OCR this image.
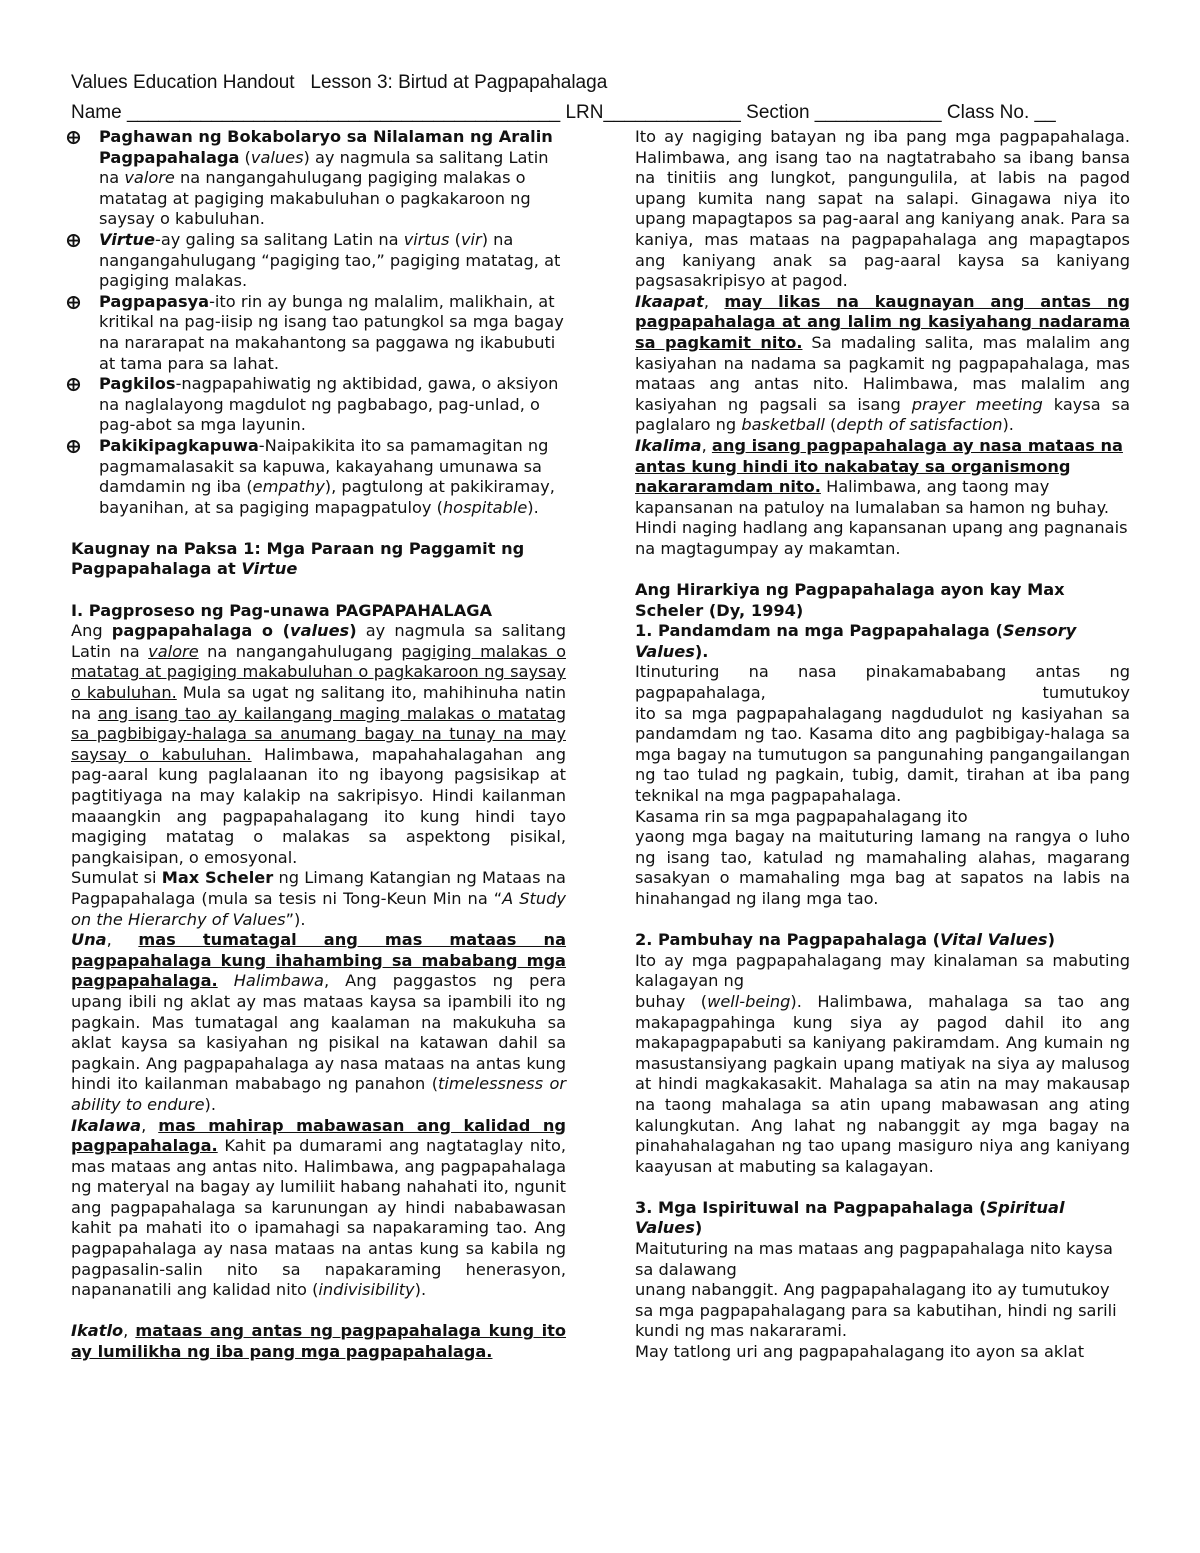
Values Education Handout   Lesson 3: Birtud at Pagpapahalaga
Name _________________________________________ LRN_____________ Section ____________ Class No. __
Paghawan ng Bokabolaryo sa Nilalaman ng Aralin Pagpapahalaga (values) ay nagmula sa salitang Latin na valore na nangangahulugang pagiging malakas o matatag at pagiging makabuluhan o pagkakaroon ng saysay o kabuluhan.
Virtue-ay galing sa salitang Latin na virtus (vir) na nangangahulugang “pagiging tao,” pagiging matatag, at pagiging malakas.
Pagpapasya-ito rin ay bunga ng malalim, malikhain, at kritikal na pag-iisip ng isang tao patungkol sa mga bagay na nararapat na makahantong sa paggawa ng ikabubuti at tama para sa lahat.
Pagkilos-nagpapahiwatig ng aktibidad, gawa, o aksiyon na naglalayong magdulot ng pagbabago, pag-unlad, o pag-abot sa mga layunin.
Pakikipagkapuwa-Naipakikita ito sa pamamagitan ng pagmamalasakit sa kapuwa, kakayahang umunawa sa damdamin ng iba (empathy), pagtulong at pakikiramay, bayanihan, at sa pagiging mapagpatuloy (hospitable).

Kaugnay na Paksa 1: Mga Paraan ng Paggamit ng Pagpapahalaga at Virtue

I. Pagproseso ng Pag-unawa PAGPAPAHALAGA

Ang pagpapahalaga o (values) ay nagmula sa salitang Latin na valore na nangangahulugang pagiging malakas o matatag at pagiging makabuluhan o pagkakaroon ng saysay o kabuluhan. Mula sa ugat ng salitang ito, mahihinuha natin na ang isang tao ay kailangang maging malakas o matatag sa pagbibigay-halaga sa anumang bagay na tunay na may saysay o kabuluhan. Halimbawa, mapahahalagahan ang pag-aaral kung paglalaanan ito ng ibayong pagsisikap at pagtitiyaga na may kalakip na sakripisyo. Hindi kailanman maaangkin ang pagpapahalagang ito kung hindi tayo magiging matatag o malakas sa aspektong pisikal, pangkaisipan, o emosyonal.

Sumulat si Max Scheler ng Limang Katangian ng Mataas na Pagpapahalaga (mula sa tesis ni Tong-Keun Min na “A Study on the Hierarchy of Values”).

Una, mas tumatagal ang mas mataas na pagpapahalaga kung ihahambing sa mababang mga pagpapahalaga. Halimbawa, Ang paggastos ng pera upang ibili ng aklat ay mas mataas kaysa sa ipambili ito ng pagkain. Mas tumatagal ang kaalaman na makukuha sa aklat kaysa sa kasiyahan ng pisikal na katawan dahil sa pagkain. Ang pagpapahalaga ay nasa mataas na antas kung hindi ito kailanman mababago ng panahon (timelessness or ability to endure).

Ikalawa, mas mahirap mabawasan ang kalidad ng pagpapahalaga. Kahit pa dumarami ang nagtataglay nito, mas mataas ang antas nito. Halimbawa, ang pagpapahalaga ng materyal na bagay ay lumiliit habang nahahati ito, ngunit ang pagpapahalaga sa karunungan ay hindi nababawasan kahit pa mahati ito o ipamahagi sa napakaraming tao. Ang pagpapahalaga ay nasa mataas na antas kung sa kabila ng pagpasalin-salin nito sa napakaraming henerasyon, napananatili ang kalidad nito (indivisibility).

Ikatlo, mataas ang antas ng pagpapahalaga kung ito ay lumilikha ng iba pang mga pagpapahalaga.

Ito ay nagiging batayan ng iba pang mga pagpapahalaga. Halimbawa, ang isang tao na nagtatrabaho sa ibang bansa na tinitiis ang lungkot, pangungulila, at labis na pagod upang kumita nang sapat na salapi. Ginagawa niya ito upang mapagtapos sa pag-aaral ang kaniyang anak. Para sa kaniya, mas mataas na pagpapahalaga ang mapagtapos ang kaniyang anak sa pag-aaral kaysa sa kaniyang pagsasakripisyo at pagod.

Ikaapat, may likas na kaugnayan ang antas ng pagpapahalaga at ang lalim ng kasiyahang nadarama sa pagkamit nito. Sa madaling salita, mas malalim ang kasiyahan na nadama sa pagkamit ng pagpapahalaga, mas mataas ang antas nito. Halimbawa, mas malalim ang kasiyahan ng pagsali sa isang prayer meeting kaysa sa paglalaro ng basketball (depth of satisfaction).

Ikalima, ang isang pagpapahalaga ay nasa mataas na antas kung hindi ito nakabatay sa organismong nakararamdam nito. Halimbawa, ang taong may kapansanan na patuloy na lumalaban sa hamon ng buhay. Hindi naging hadlang ang kapansanan upang ang pagnanais na magtagumpay ay makamtan.

Ang Hirarkiya ng Pagpapahalaga ayon kay Max Scheler (Dy, 1994)

1. Pandamdam na mga Pagpapahalaga (Sensory Values).

Itinuturing na nasa pinakamababang antas ng pagpapahalaga, tumutukoy

ito sa mga pagpapahalagang nagdudulot ng kasiyahan sa pandamdam ng tao. Kasama dito ang pagbibigay-halaga sa mga bagay na tumutugon sa pangunahing pangangailangan ng tao tulad ng pagkain, tubig, damit, tirahan at iba pang teknikal na mga pagpapahalaga.

Kasama rin sa mga pagpapahalagang ito

yaong mga bagay na maituturing lamang na rangya o luho ng isang tao, katulad ng mamahaling alahas, magarang sasakyan o mamahaling mga bag at sapatos na labis na hinahangad ng ilang mga tao.

2. Pambuhay na Pagpapahalaga (Vital Values)

Ito ay mga pagpapahalagang may kinalaman sa mabuting kalagayan ng

buhay (well-being). Halimbawa, mahalaga sa tao ang makapagpahinga kung siya ay pagod dahil ito ang makapagpapabuti sa kaniyang pakiramdam. Ang kumain ng masustansiyang pagkain upang matiyak na siya ay malusog at hindi magkakasakit. Mahalaga sa atin na may makausap na taong mahalaga sa atin upang mabawasan ang ating kalungkutan. Ang lahat ng nabanggit ay mga bagay na pinahahalagahan ng tao upang masiguro niya ang kaniyang kaayusan at mabuting sa kalagayan.

3. Mga Ispirituwal na Pagpapahalaga (Spiritual Values)

Maituturing na mas mataas ang pagpapahalaga nito kaysa sa dalawang

unang nabanggit. Ang pagpapahalagang ito ay tumutukoy sa mga pagpapahalagang para sa kabutihan, hindi ng sarili kundi ng mas nakararami.

May tatlong uri ang pagpapahalagang ito ayon sa aklat
